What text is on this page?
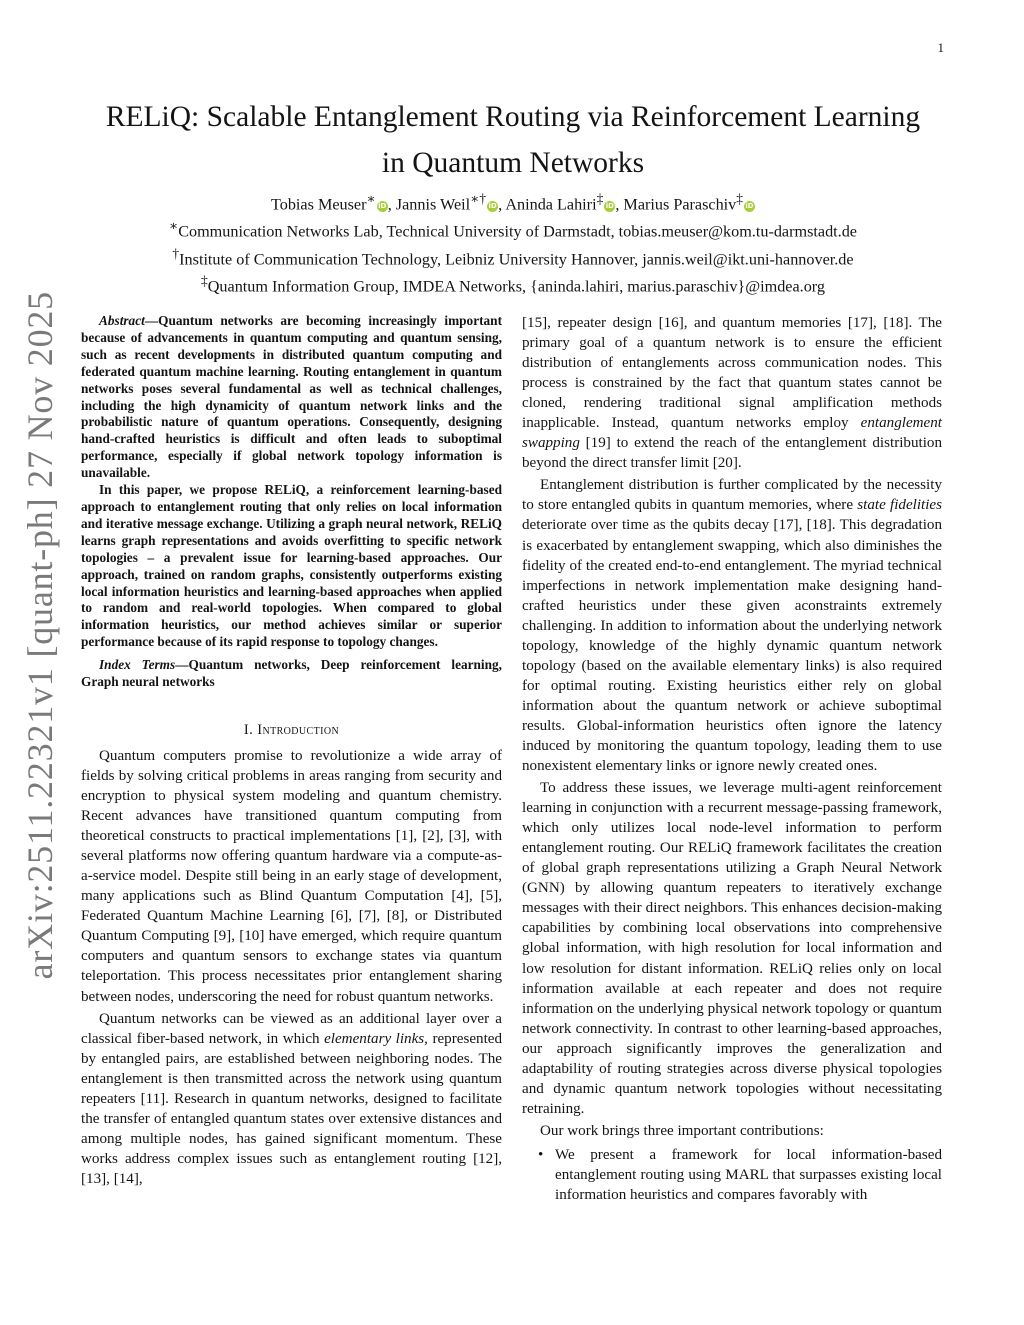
1
arXiv:2511.22321v1 [quant-ph] 27 Nov 2025
RELiQ: Scalable Entanglement Routing via Reinforcement Learning
in Quantum Networks
Tobias Meuser∗iD, Jannis Weil∗†iD, Aninda Lahiri‡iD, Marius Paraschiv‡iD
∗Communication Networks Lab, Technical University of Darmstadt, tobias.meuser@kom.tu-darmstadt.de
†Institute of Communication Technology, Leibniz University Hannover, jannis.weil@ikt.uni-hannover.de
‡Quantum Information Group, IMDEA Networks, {aninda.lahiri, marius.paraschiv}@imdea.org

Abstract—Quantum networks are becoming increasingly important because of advancements in quantum computing and quantum sensing, such as recent developments in distributed quantum computing and federated quantum machine learning. Routing entanglement in quantum networks poses several fundamental as well as technical challenges, including the high dynamicity of quantum network links and the probabilistic nature of quantum operations. Consequently, designing hand-crafted heuristics is difficult and often leads to suboptimal performance, especially if global network topology information is unavailable.

In this paper, we propose RELiQ, a reinforcement learning-based approach to entanglement routing that only relies on local information and iterative message exchange. Utilizing a graph neural network, RELiQ learns graph representations and avoids overfitting to specific network topologies – a prevalent issue for learning-based approaches. Our approach, trained on random graphs, consistently outperforms existing local information heuristics and learning-based approaches when applied to random and real-world topologies. When compared to global information heuristics, our method achieves similar or superior performance because of its rapid response to topology changes.

Index Terms—Quantum networks, Deep reinforcement learning, Graph neural networks

I. Introduction

Quantum computers promise to revolutionize a wide array of fields by solving critical problems in areas ranging from security and encryption to physical system modeling and quantum chemistry. Recent advances have transitioned quantum computing from theoretical constructs to practical implementations [1], [2], [3], with several platforms now offering quantum hardware via a compute-as-a-service model. Despite still being in an early stage of development, many applications such as Blind Quantum Computation [4], [5], Federated Quantum Machine Learning [6], [7], [8], or Distributed Quantum Computing [9], [10] have emerged, which require quantum computers and quantum sensors to exchange states via quantum teleportation. This process necessitates prior entanglement sharing between nodes, underscoring the need for robust quantum networks.

Quantum networks can be viewed as an additional layer over a classical fiber-based network, in which elementary links, represented by entangled pairs, are established between neighboring nodes. The entanglement is then transmitted across the network using quantum repeaters [11]. Research in quantum networks, designed to facilitate the transfer of entangled quantum states over extensive distances and among multiple nodes, has gained significant momentum. These works address complex issues such as entanglement routing [12], [13], [14],

[15], repeater design [16], and quantum memories [17], [18]. The primary goal of a quantum network is to ensure the efficient distribution of entanglements across communication nodes. This process is constrained by the fact that quantum states cannot be cloned, rendering traditional signal amplification methods inapplicable. Instead, quantum networks employ entanglement swapping [19] to extend the reach of the entanglement distribution beyond the direct transfer limit [20].

Entanglement distribution is further complicated by the necessity to store entangled qubits in quantum memories, where state fidelities deteriorate over time as the qubits decay [17], [18]. This degradation is exacerbated by entanglement swapping, which also diminishes the fidelity of the created end-to-end entanglement. The myriad technical imperfections in network implementation make designing hand-crafted heuristics under these given aconstraints extremely challenging. In addition to information about the underlying network topology, knowledge of the highly dynamic quantum network topology (based on the available elementary links) is also required for optimal routing. Existing heuristics either rely on global information about the quantum network or achieve suboptimal results. Global-information heuristics often ignore the latency induced by monitoring the quantum topology, leading them to use nonexistent elementary links or ignore newly created ones.

To address these issues, we leverage multi-agent reinforcement learning in conjunction with a recurrent message-passing framework, which only utilizes local node-level information to perform entanglement routing. Our RELiQ framework facilitates the creation of global graph representations utilizing a Graph Neural Network (GNN) by allowing quantum repeaters to iteratively exchange messages with their direct neighbors. This enhances decision-making capabilities by combining local observations into comprehensive global information, with high resolution for local information and low resolution for distant information. RELiQ relies only on local information available at each repeater and does not require information on the underlying physical network topology or quantum network connectivity. In contrast to other learning-based approaches, our approach significantly improves the generalization and adaptability of routing strategies across diverse physical topologies and dynamic quantum network topologies without necessitating retraining.

Our work brings three important contributions:

• We present a framework for local information-based entanglement routing using MARL that surpasses existing local information heuristics and compares favorably with
